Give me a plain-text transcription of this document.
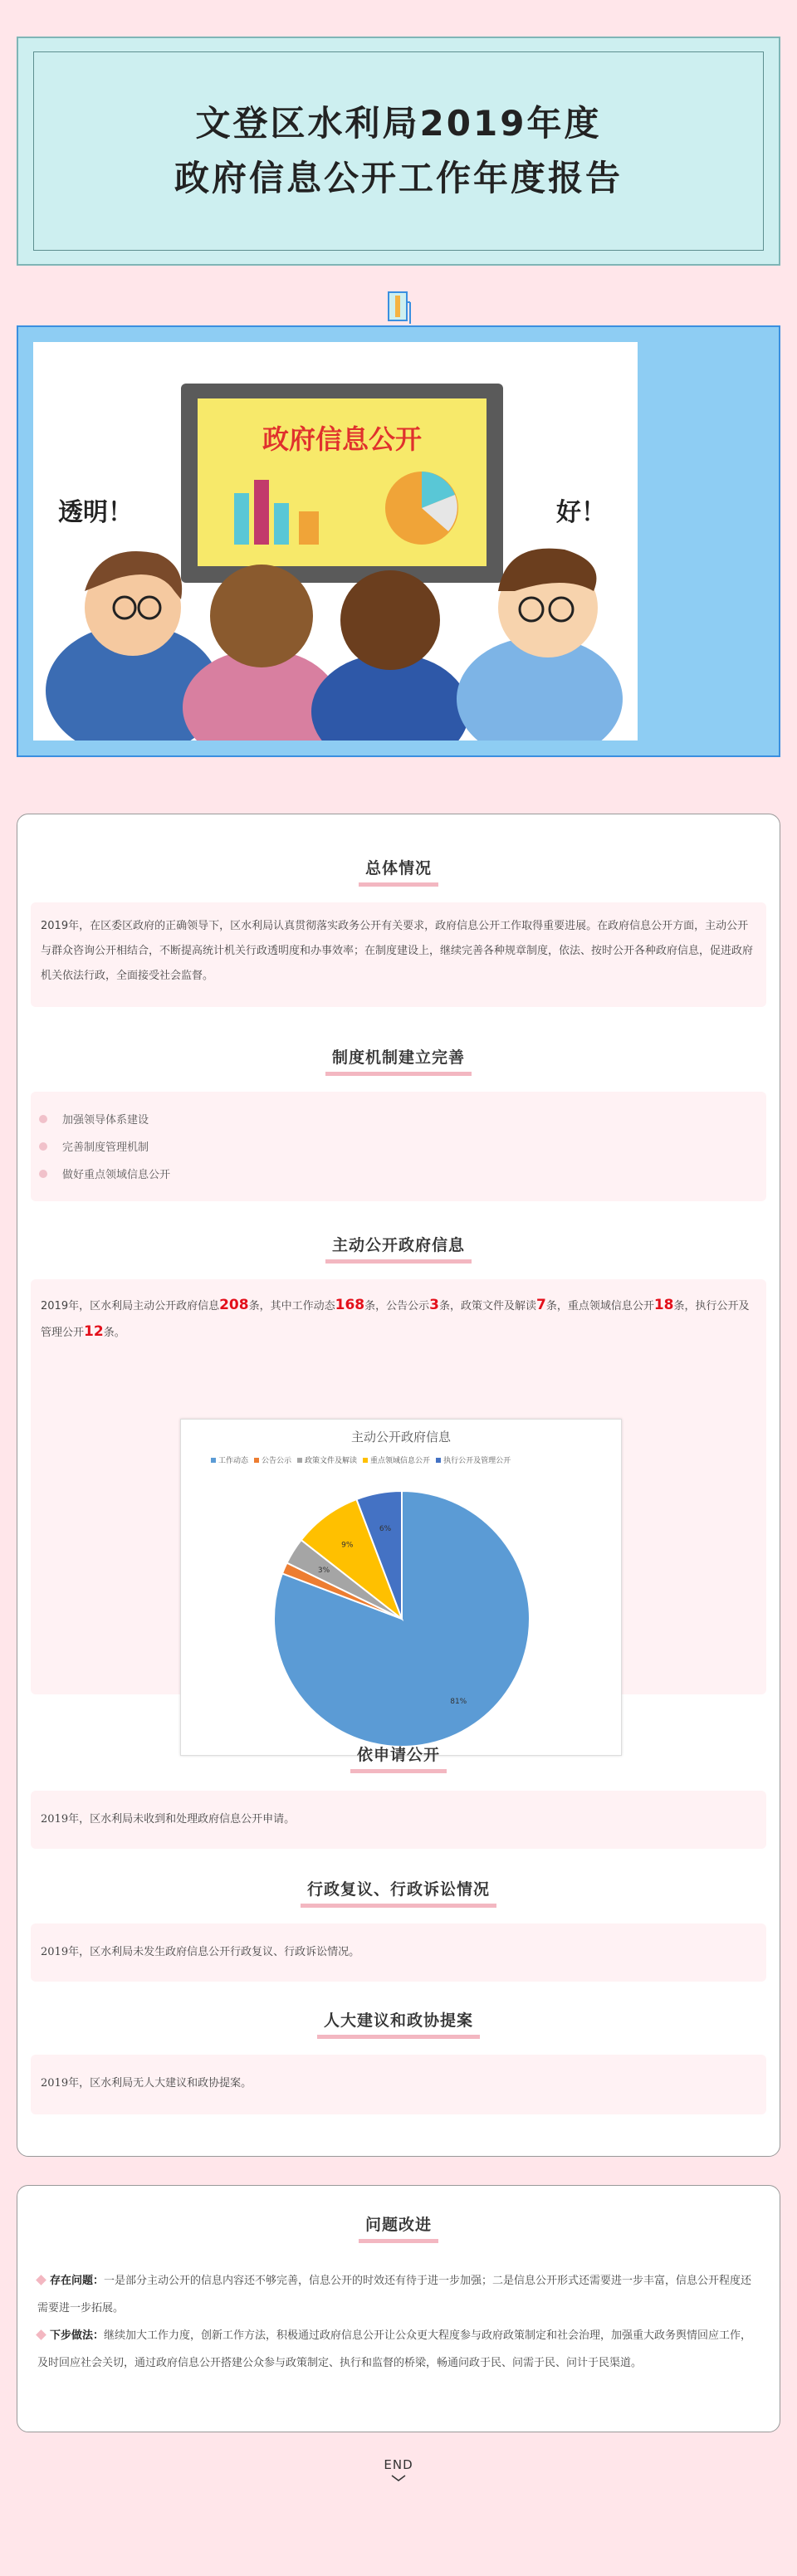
文登区水利局2019年度
政府信息公开工作年度报告
政府信息公开
透明！	好！
总体情况
2019年，在区委区政府的正确领导下，区水利局认真贯彻落实政务公开有关要求，政府信息公开工作取得重要进展。在政府信息公开方面，主动公开与群众咨询公开相结合，不断提高统计机关行政透明度和办事效率；在制度建设上，继续完善各种规章制度，依法、按时公开各种政府信息，促进政府机关依法行政，全面接受社会监督。
制度机制建立完善
加强领导体系建设
完善制度管理机制
做好重点领域信息公开
主动公开政府信息
2019年，区水利局主动公开政府信息208条，其中工作动态168条，公告公示3条，政策文件及解读7条，重点领域信息公开18条，执行公开及管理公开12条。
主动公开政府信息
工作动态 公告公示 政策文件及解读 重点领域信息公开 执行公开及管理公开
81%
3%
9%
6%
依申请公开
2019年，区水利局未收到和处理政府信息公开申请。
行政复议、行政诉讼情况
2019年，区水利局未发生政府信息公开行政复议、行政诉讼情况。
人大建议和政协提案
2019年，区水利局无人大建议和政协提案。
问题改进

存在问题：一是部分主动公开的信息内容还不够完善，信息公开的时效还有待于进一步加强；二是信息公开形式还需要进一步丰富，信息公开程度还需要进一步拓展。

下步做法：继续加大工作力度，创新工作方法，积极通过政府信息公开让公众更大程度参与政府政策制定和社会治理，加强重大政务舆情回应工作，及时回应社会关切，通过政府信息公开搭建公众参与政策制定、执行和监督的桥梁，畅通问政于民、问需于民、问计于民渠道。

END
